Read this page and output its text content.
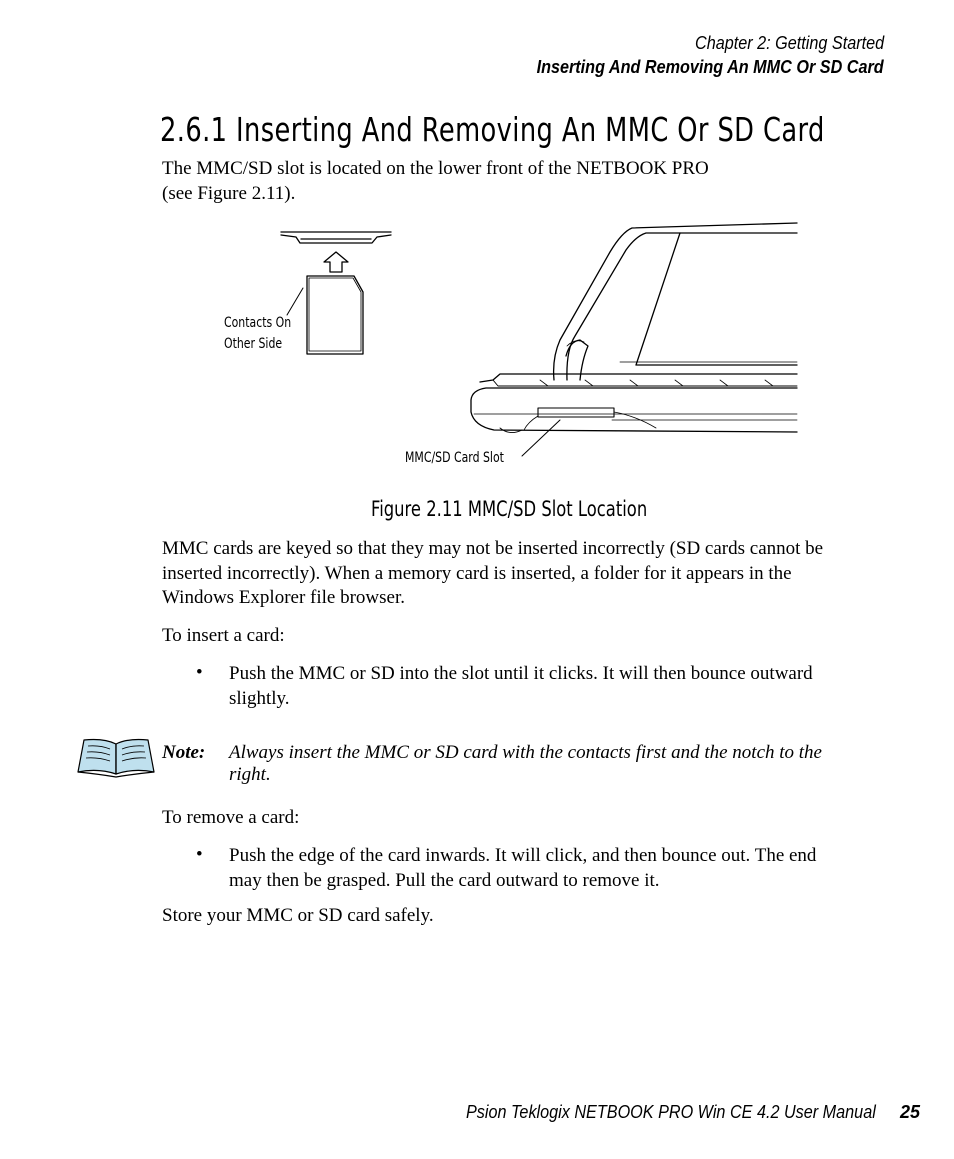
Chapter 2: Getting Started
Inserting And Removing An MMC Or SD Card
2.6.1 Inserting And Removing An MMC Or SD Card
The MMC/SD slot is located on the lower front of the NETBOOK PRO
(see Figure 2.11).
Contacts On
Other Side
MMC/SD Card Slot
Figure 2.11 MMC/SD Slot Location
MMC cards are keyed so that they may not be inserted incorrectly (SD cards cannot be inserted incorrectly). When a memory card is inserted, a folder for it appears in the Windows Explorer file browser.
To insert a card:
• Push the MMC or SD into the slot until it clicks. It will then bounce outward slightly.
Note: Always insert the MMC or SD card with the contacts first and the notch to the right.
To remove a card:
• Push the edge of the card inwards. It will click, and then bounce out. The end may then be grasped. Pull the card outward to remove it.
Store your MMC or SD card safely.
Psion Teklogix NETBOOK PRO Win CE 4.2 User Manual 25
